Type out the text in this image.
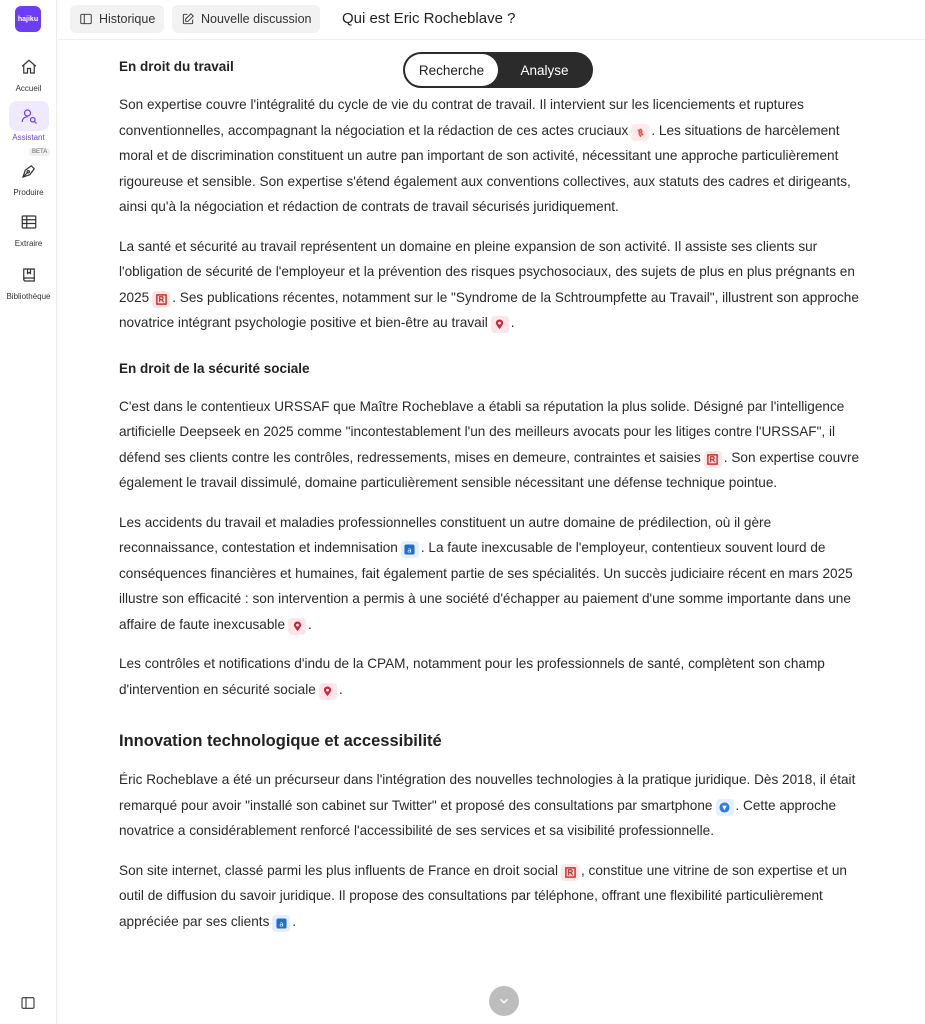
hajiku
Accueil
Assistant
BETA
Produire
Extraire
Bibliothèque
Historique	Nouvelle discussion Qui est Eric Rocheblave ?
Recherche	Analyse
En droit du travail

Son expertise couvre l'intégralité du cycle de vie du contrat de travail. Il intervient sur les licenciements et ruptures conventionnelles, accompagnant la négociation et la rédaction de ces actes cruciaux . Les situations de harcèlement moral et de discrimination constituent un autre pan important de son activité, nécessitant une approche particulièrement rigoureuse et sensible. Son expertise s'étend également aux conventions collectives, aux statuts des cadres et dirigeants, ainsi qu'à la négociation et rédaction de contrats de travail sécurisés juridiquement.

La santé et sécurité au travail représentent un domaine en pleine expansion de son activité. Il assiste ses clients sur l'obligation de sécurité de l'employeur et la prévention des risques psychosociaux, des sujets de plus en plus prégnants en 2025 . Ses publications récentes, notamment sur le "Syndrome de la Schtroumpfette au Travail", illustrent son approche novatrice intégrant psychologie positive et bien-être au travail .

En droit de la sécurité sociale

C'est dans le contentieux URSSAF que Maître Rocheblave a établi sa réputation la plus solide. Désigné par l'intelligence artificielle Deepseek en 2025 comme "incontestablement l'un des meilleurs avocats pour les litiges contre l'URSSAF", il défend ses clients contre les contrôles, redressements, mises en demeure, contraintes et saisies . Son expertise couvre également le travail dissimulé, domaine particulièrement sensible nécessitant une défense technique pointue.

Les accidents du travail et maladies professionnelles constituent un autre domaine de prédilection, où il gère reconnaissance, contestation et indemnisation a . La faute inexcusable de l'employeur, contentieux souvent lourd de conséquences financières et humaines, fait également partie de ses spécialités. Un succès judiciaire récent en mars 2025 illustre son efficacité : son intervention a permis à une société d'échapper au paiement d'une somme importante dans une affaire de faute inexcusable .

Les contrôles et notifications d'indu de la CPAM, notamment pour les professionnels de santé, complètent son champ d'intervention en sécurité sociale .

Innovation technologique et accessibilité

Éric Rocheblave a été un précurseur dans l'intégration des nouvelles technologies à la pratique juridique. Dès 2018, il était remarqué pour avoir "installé son cabinet sur Twitter" et proposé des consultations par smartphone . Cette approche novatrice a considérablement renforcé l'accessibilité de ses services et sa visibilité professionnelle.

Son site internet, classé parmi les plus influents de France en droit social , constitue une vitrine de son expertise et un outil de diffusion du savoir juridique. Il propose des consultations par téléphone, offrant une flexibilité particulièrement appréciée par ses clients a .
